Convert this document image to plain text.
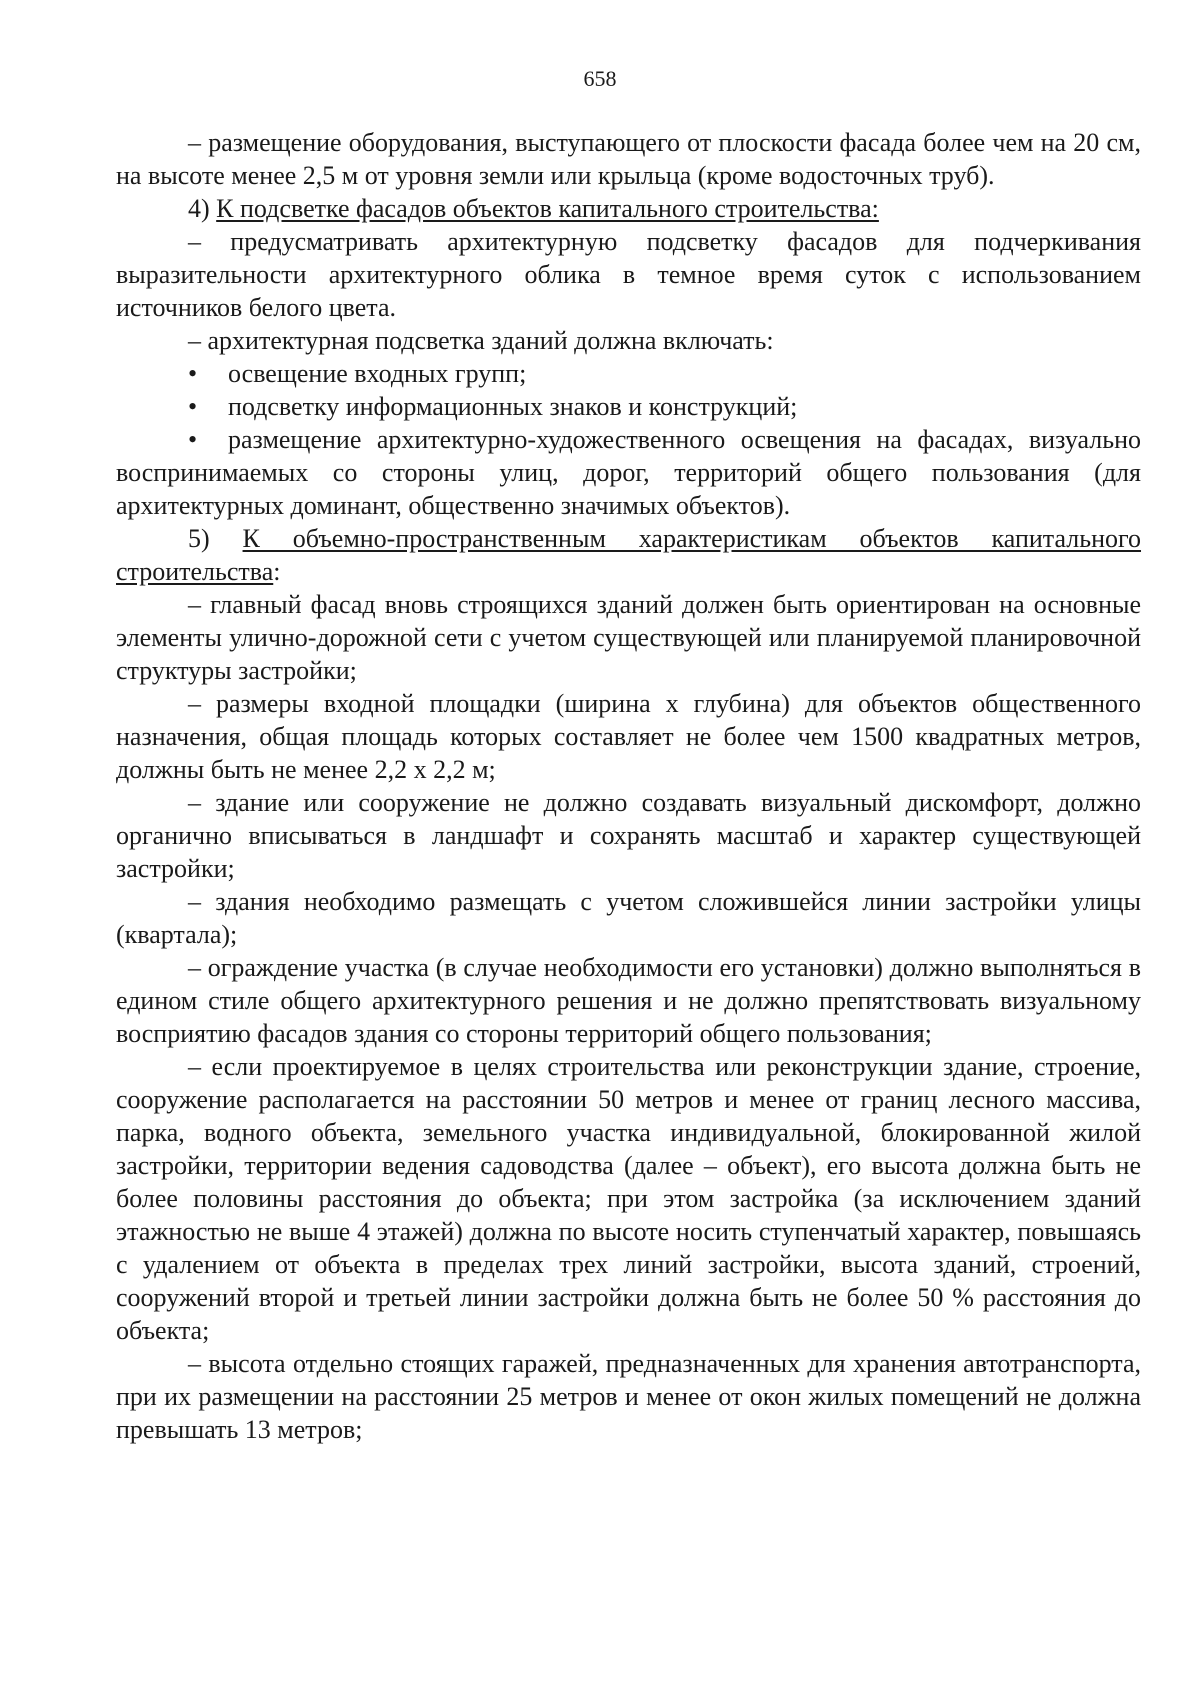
658

– размещение оборудования, выступающего от плоскости фасада более чем на 20 см, на высоте менее 2,5 м от уровня земли или крыльца (кроме водосточных труб).

4) К подсветке фасадов объектов капитального строительства:

– предусматривать архитектурную подсветку фасадов для подчеркивания выразительности архитектурного облика в темное время суток с использованием источников белого цвета.

– архитектурная подсветка зданий должна включать:

• освещение входных групп;

• подсветку информационных знаков и конструкций;

• размещение архитектурно-художественного освещения на фасадах, визуально воспринимаемых со стороны улиц, дорог, территорий общего пользования (для архитектурных доминант, общественно значимых объектов).

5) К объемно-пространственным характеристикам объектов капитального строительства:

– главный фасад вновь строящихся зданий должен быть ориентирован на основные элементы улично-дорожной сети с учетом существующей или планируемой планировочной структуры застройки;

– размеры входной площадки (ширина х глубина) для объектов общественного назначения, общая площадь которых составляет не более чем 1500 квадратных метров, должны быть не менее 2,2 х 2,2 м;

– здание или сооружение не должно создавать визуальный дискомфорт, должно органично вписываться в ландшафт и сохранять масштаб и характер существующей застройки;

– здания необходимо размещать с учетом сложившейся линии застройки улицы (квартала);

– ограждение участка (в случае необходимости его установки) должно выполняться в едином стиле общего архитектурного решения и не должно препятствовать визуальному восприятию фасадов здания со стороны территорий общего пользования;

– если проектируемое в целях строительства или реконструкции здание, строение, сооружение располагается на расстоянии 50 метров и менее от границ лесного массива, парка, водного объекта, земельного участка индивидуальной, блокированной жилой застройки, территории ведения садоводства (далее – объект), его высота должна быть не более половины расстояния до объекта; при этом застройка (за исключением зданий этажностью не выше 4 этажей) должна по высоте носить ступенчатый характер, повышаясь с удалением от объекта в пределах трех линий застройки, высота зданий, строений, сооружений второй и третьей линии застройки должна быть не более 50 % расстояния до объекта;

– высота отдельно стоящих гаражей, предназначенных для хранения автотранспорта, при их размещении на расстоянии 25 метров и менее от окон жилых помещений не должна превышать 13 метров;
